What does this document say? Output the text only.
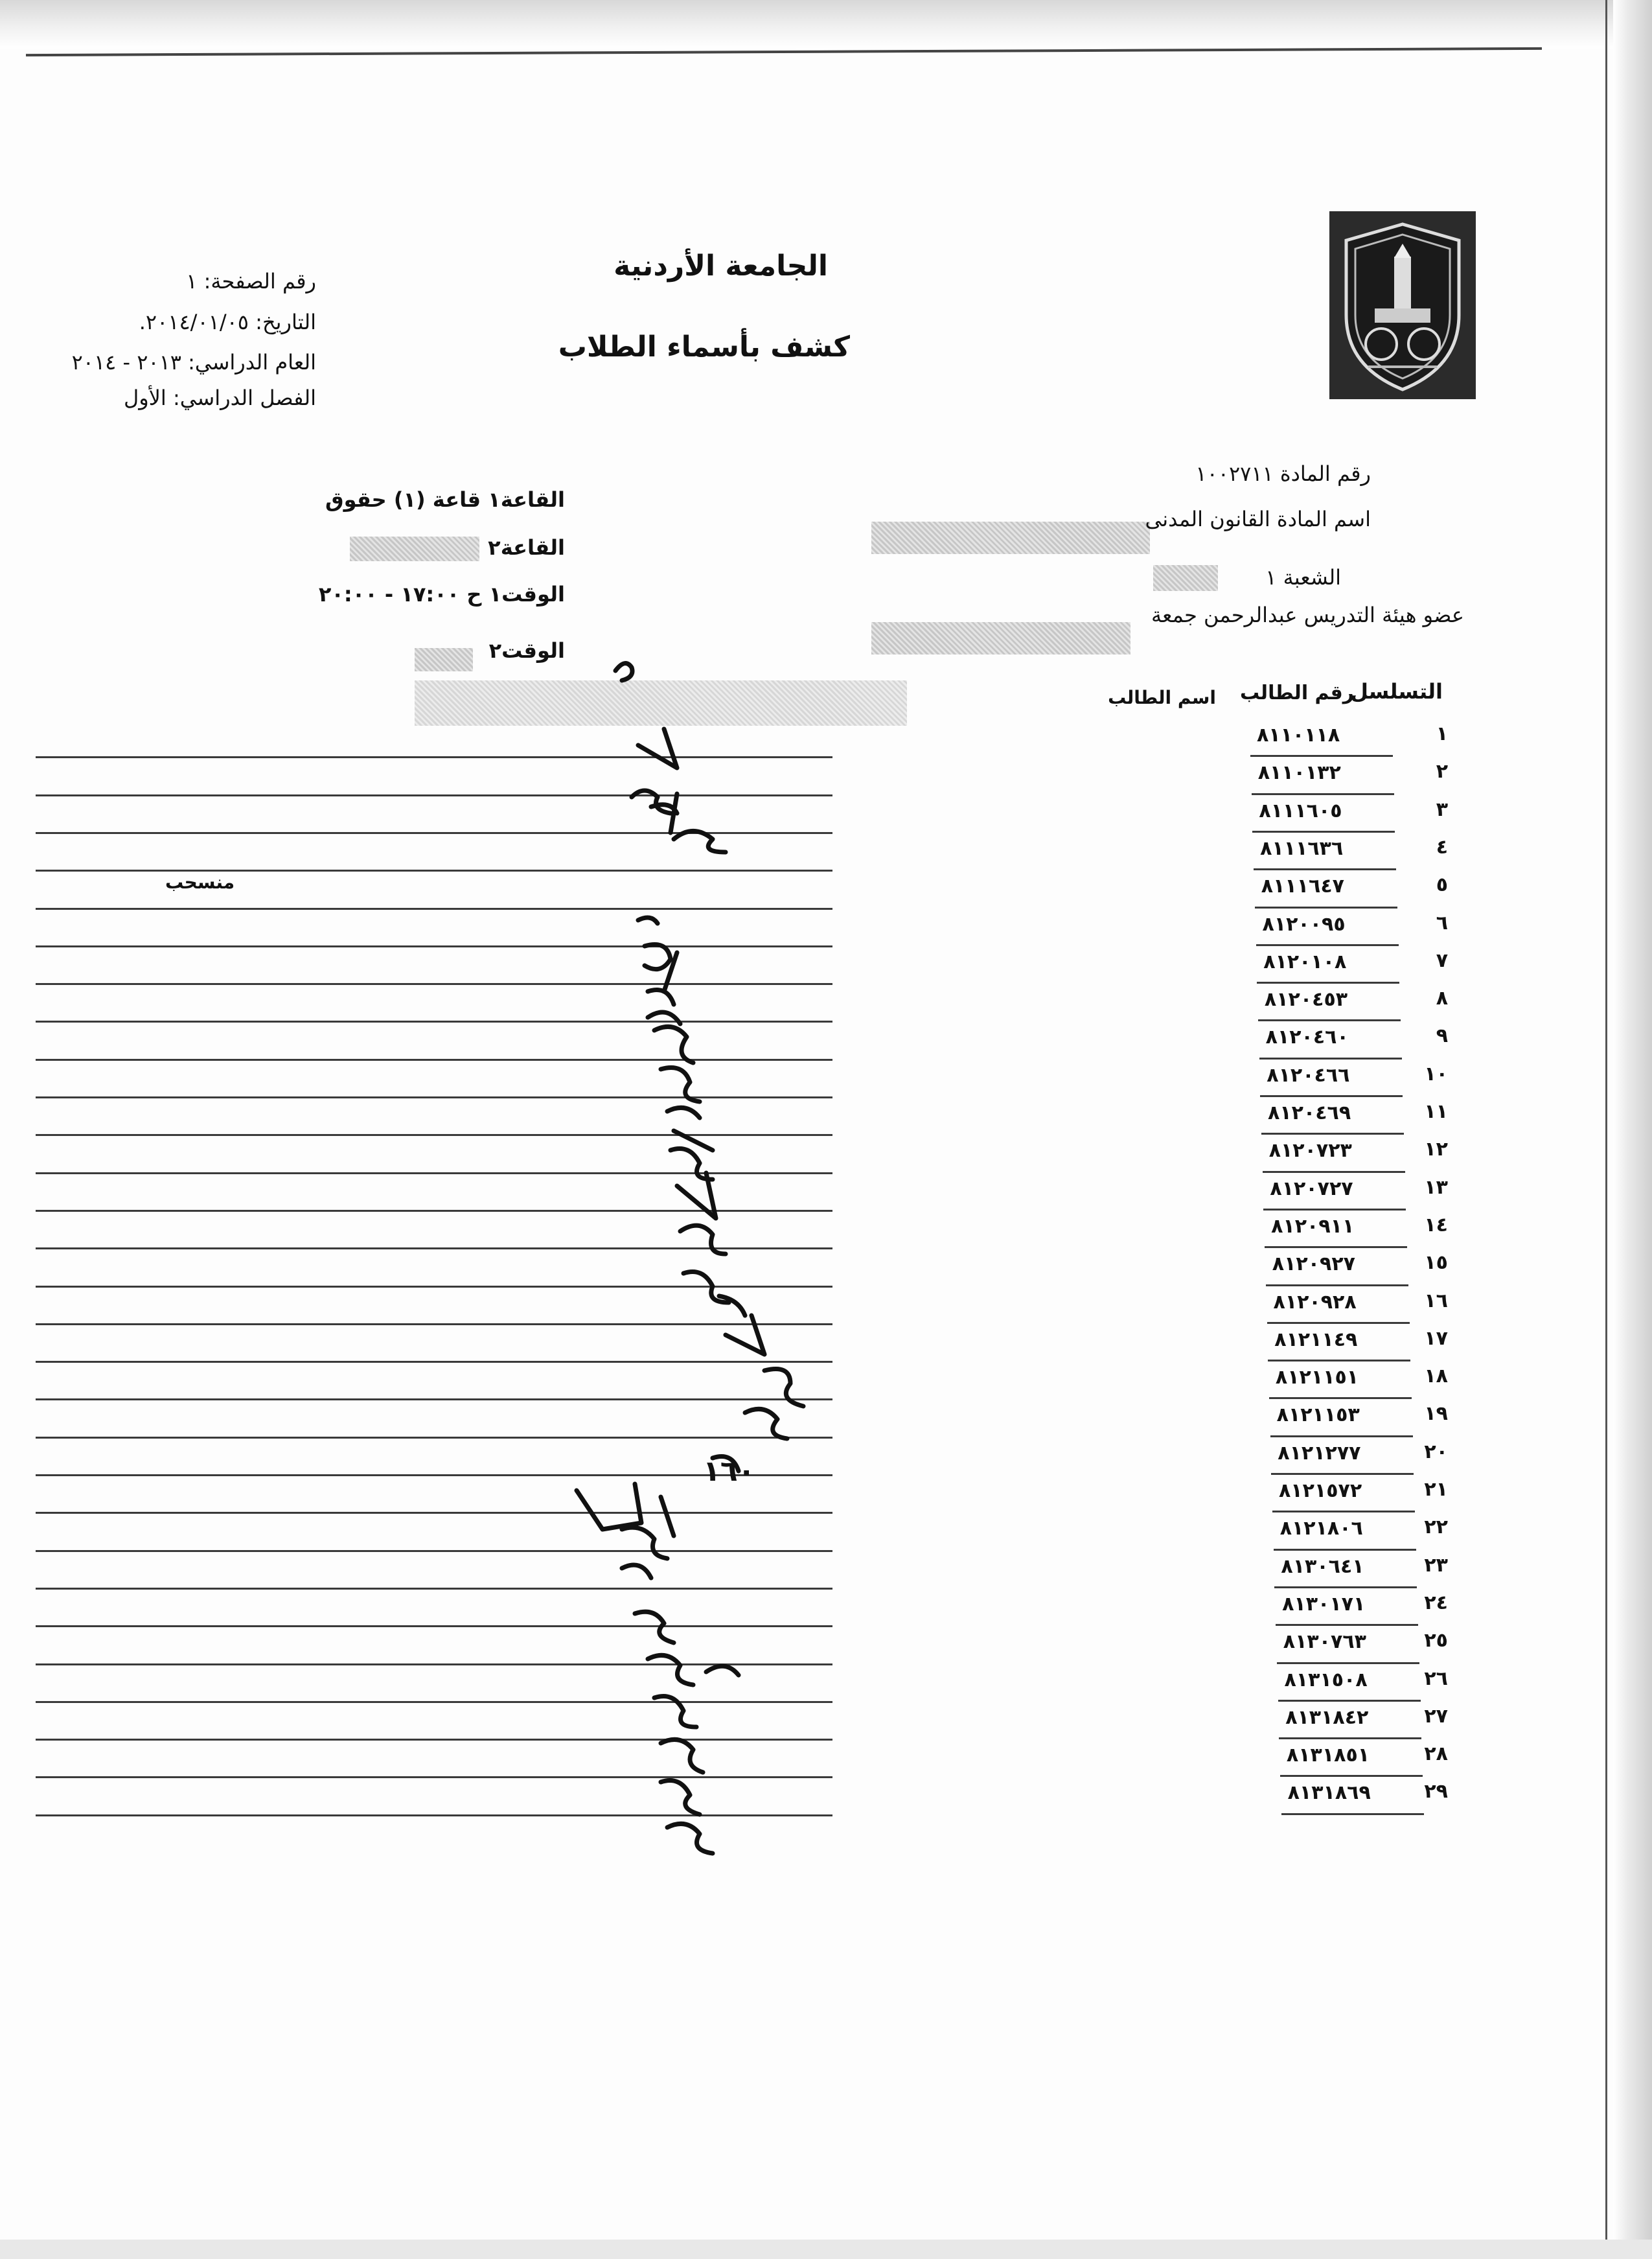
الجامعة الأردنية
كشف بأسماء الطلاب
رقم الصفحة: ١
التاريخ: ٢٠١٤/٠١/٠٥.
العام الدراسي: ٢٠١٣ - ٢٠١٤
الفصل الدراسي: الأول
رقم المادة ١٠٠٢٧١١
اسم المادة القانون المدنى
الشعبة ١
عضو هيئة التدريس عبدالرحمن جمعة
القاعة١ قاعة (١) حقوق
القاعة٢
الوقت١ ح ١٧:٠٠ - ٢٠:٠٠
الوقت٢
التسلسل
رقم الطالب
اسم الطالب
١
٨١١٠١١٨
٢
٨١١٠١٣٢
٣
٨١١١٦٠٥
٤
٨١١١٦٣٦
٥
٨١١١٦٤٧
٦
٨١٢٠٠٩٥
٧
٨١٢٠١٠٨
٨
٨١٢٠٤٥٣
٩
٨١٢٠٤٦٠
١٠
٨١٢٠٤٦٦
١١
٨١٢٠٤٦٩
١٢
٨١٢٠٧٢٣
١٣
٨١٢٠٧٢٧
١٤
٨١٢٠٩١١
١٥
٨١٢٠٩٢٧
١٦
٨١٢٠٩٢٨
١٧
٨١٢١١٤٩
١٨
٨١٢١١٥١
١٩
٨١٢١١٥٣
٢٠
٨١٢١٢٧٧
٢١
٨١٢١٥٧٢
٢٢
٨١٢١٨٠٦
٢٣
٨١٣٠٦٤١
٢٤
٨١٣٠١٧١
٢٥
٨١٣٠٧٦٣
٢٦
٨١٣١٥٠٨
٢٧
٨١٣١٨٤٢
٢٨
٨١٣١٨٥١
٢٩
٨١٣١٨٦٩
منسحب
١٦٠
